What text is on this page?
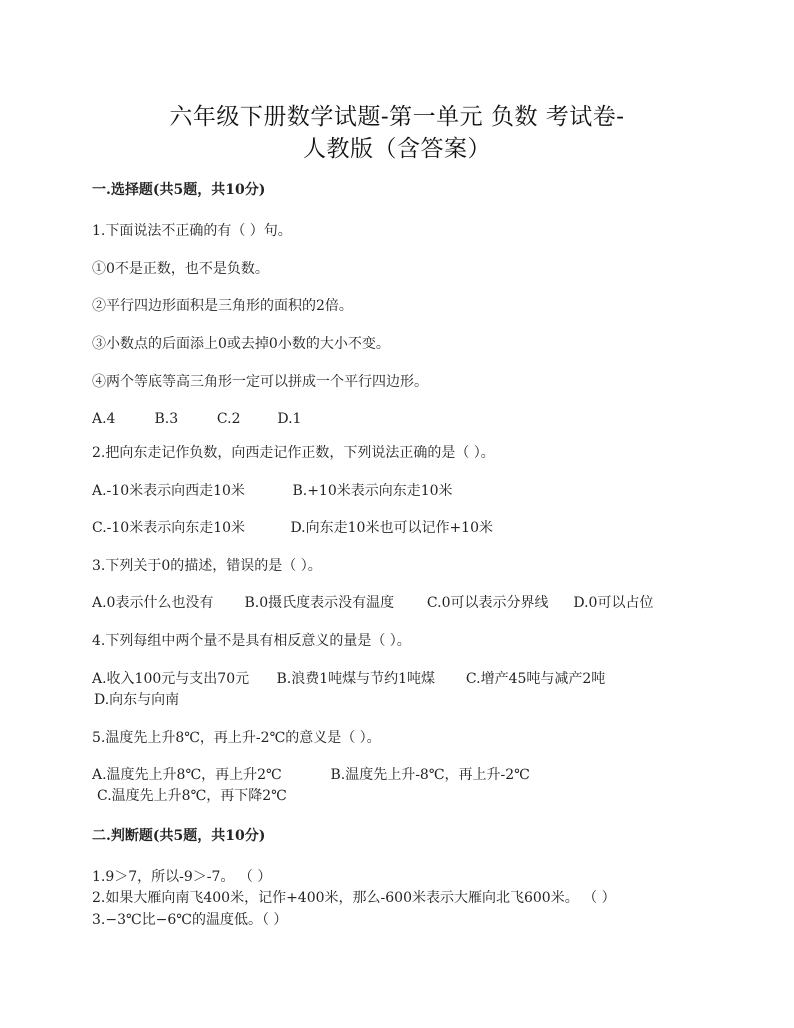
六年级下册数学试题-第一单元 负数 考试卷-
人教版（含答案）
一.选择题(共5题，共10分)
1.下面说法不正确的有（ ）句。
①0不是正数，也不是负数。
②平行四边形面积是三角形的面积的2倍。
③小数点的后面添上0或去掉0小数的大小不变。
④两个等底等高三角形一定可以拼成一个平行四边形。
A.4	B.3	C.2	D.1
2.把向东走记作负数，向西走记作正数，下列说法正确的是（ ）。
A.-10米表示向西走10米	B.+10米表示向东走10米
C.-10米表示向东走10米	D.向东走10米也可以记作+10米
3.下列关于0的描述，错误的是（ ）。
A.0表示什么也没有 B.0摄氏度表示没有温度 C.0可以表示分界线 D.0可以占位
4.下列每组中两个量不是具有相反意义的量是（ ）。
A.收入100元与支出70元 B.浪费1吨煤与节约1吨煤 C.增产45吨与减产2吨
D.向东与向南
5.温度先上升8℃，再上升-2℃的意义是（ ）。
A.温度先上升8℃，再上升2℃	B.温度先上升-8℃，再上升-2℃
C.温度先上升8℃，再下降2℃
二.判断题(共5题，共10分)
1.9＞7，所以-9＞-7。 （ ）
2.如果大雁向南飞400米，记作+400米，那么-600米表示大雁向北飞600米。 （ ）
3.−3℃比−6℃的温度低。（ ）
